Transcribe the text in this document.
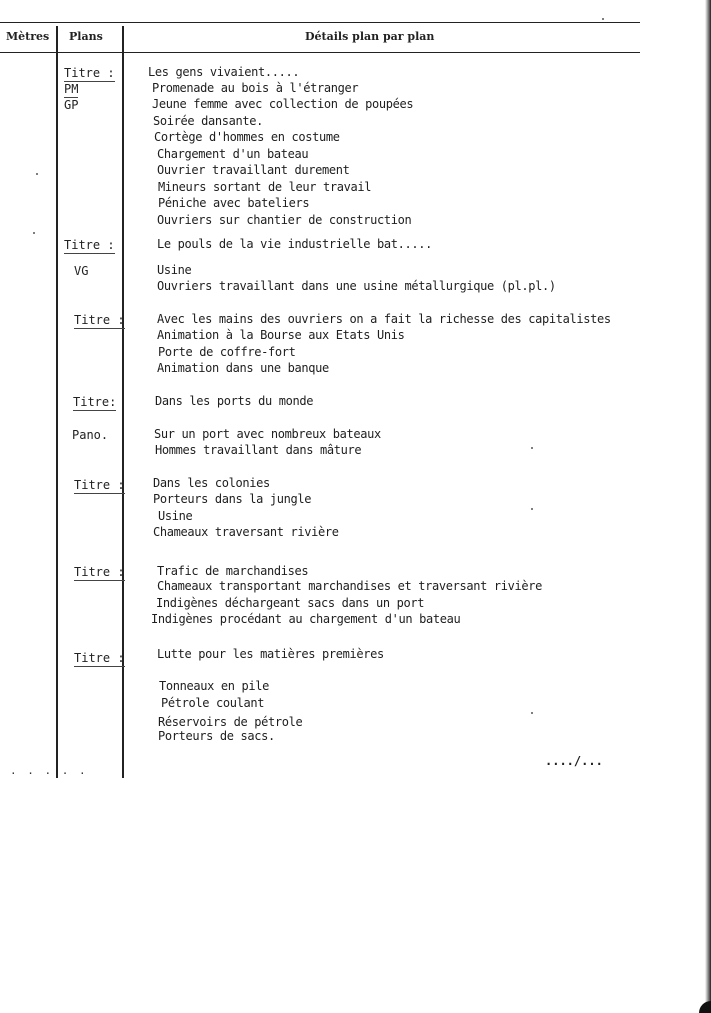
Mètres Plans	Détails plan par plan
Titre :
PM
GP
Titre :
VG
Titre :
Titre:
Pano.
Titre :
Titre :
Titre :
Les gens vivaient.....
Promenade au bois à l'étranger
Jeune femme avec collection de poupées
Soirée dansante.
Cortège d'hommes en costume
Chargement d'un bateau
Ouvrier travaillant durement
Mineurs sortant de leur travail
Péniche avec bateliers
Ouvriers sur chantier de construction
Le pouls de la vie industrielle bat.....
Usine
Ouvriers travaillant dans une usine métallurgique (pl.pl.)
Avec les mains des ouvriers on a fait la richesse des capitalistes
Animation à la Bourse aux Etats Unis
Porte de coffre-fort
Animation dans une banque
Dans les ports du monde
Sur un port avec nombreux bateaux
Hommes travaillant dans mâture
Dans les colonies
Porteurs dans la jungle
Usine
Chameaux traversant rivière
Trafic de marchandises
Chameaux transportant marchandises et traversant rivière
Indigènes déchargeant sacs dans un port
Indigènes procédant au chargement d'un bateau
Lutte pour les matières premières
Tonneaux en pile
Pétrole coulant
Réservoirs de pétrole
Porteurs de sacs.
. . . . .
..../...
